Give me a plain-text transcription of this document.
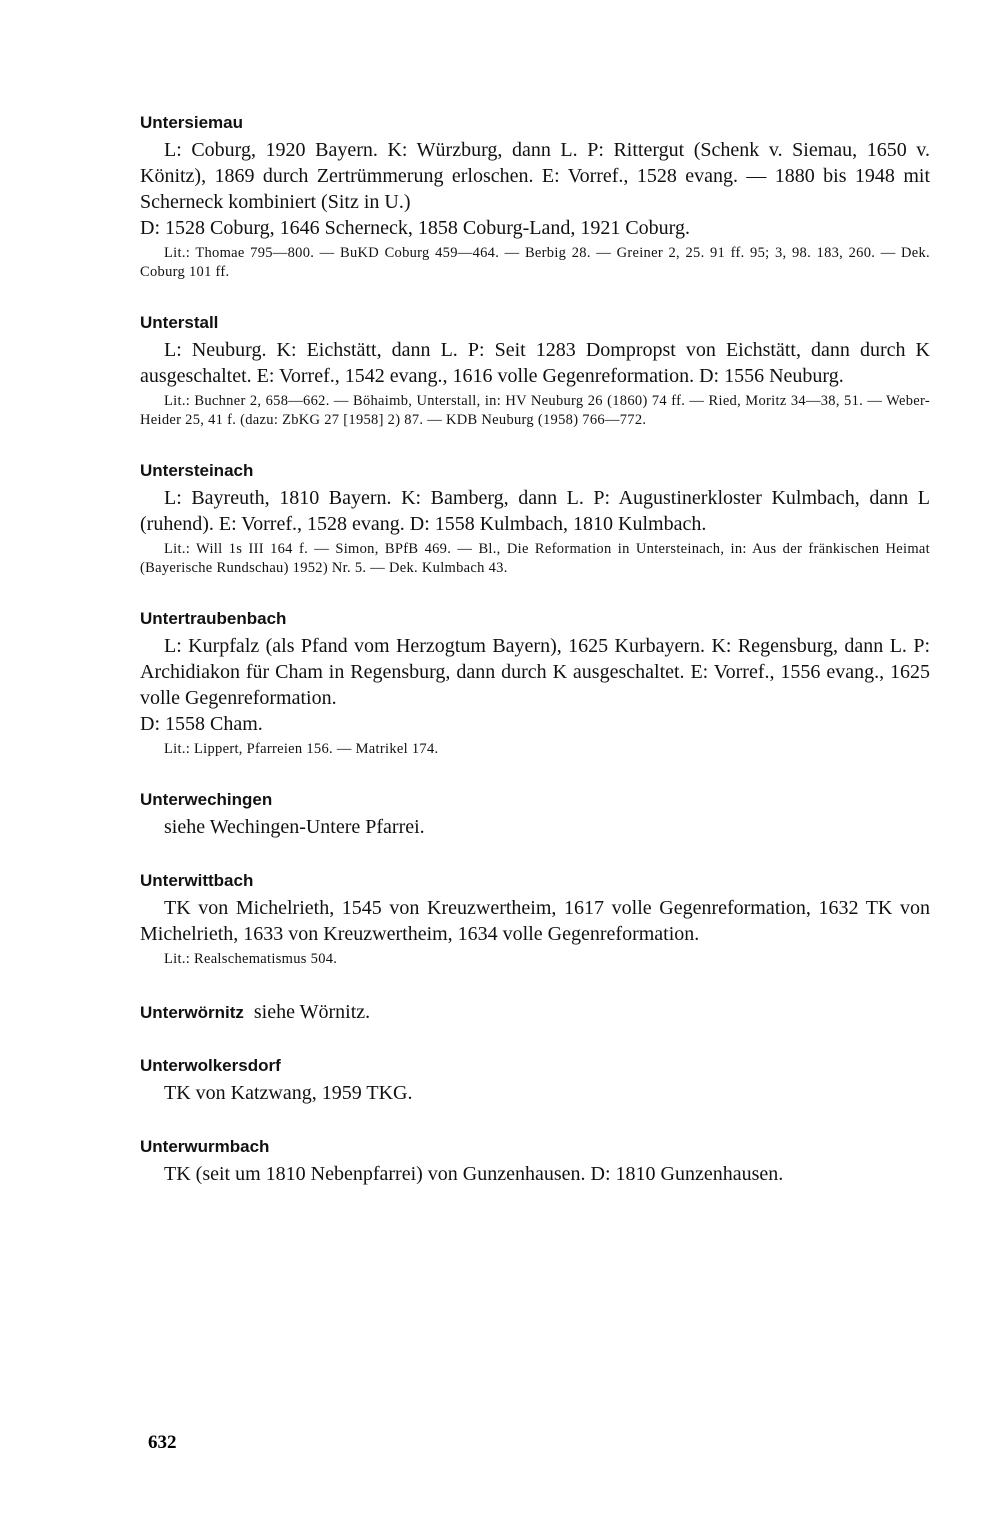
Untersiemau

L: Coburg, 1920 Bayern. K: Würzburg, dann L. P: Rittergut (Schenk v. Siemau, 1650 v. Könitz), 1869 durch Zertrümmerung erloschen. E: Vorref., 1528 evang. — 1880 bis 1948 mit Scherneck kombiniert (Sitz in U.)

D: 1528 Coburg, 1646 Scherneck, 1858 Coburg-Land, 1921 Coburg.

Lit.: Thomae 795—800. — BuKD Coburg 459—464. — Berbig 28. — Greiner 2, 25. 91 ff. 95; 3, 98. 183, 260. — Dek. Coburg 101 ff.

Unterstall

L: Neuburg. K: Eichstätt, dann L. P: Seit 1283 Dompropst von Eichstätt, dann durch K ausgeschaltet. E: Vorref., 1542 evang., 1616 volle Gegenreformation. D: 1556 Neuburg.

Lit.: Buchner 2, 658—662. — Böhaimb, Unterstall, in: HV Neuburg 26 (1860) 74 ff. — Ried, Moritz 34—38, 51. — Weber-Heider 25, 41 f. (dazu: ZbKG 27 [1958] 2) 87. — KDB Neuburg (1958) 766—772.

Untersteinach

L: Bayreuth, 1810 Bayern. K: Bamberg, dann L. P: Augustinerkloster Kulmbach, dann L (ruhend). E: Vorref., 1528 evang. D: 1558 Kulmbach, 1810 Kulmbach.

Lit.: Will 1s III 164 f. — Simon, BPfB 469. — Bl., Die Reformation in Untersteinach, in: Aus der fränkischen Heimat (Bayerische Rundschau) 1952) Nr. 5. — Dek. Kulmbach 43.

Untertraubenbach

L: Kurpfalz (als Pfand vom Herzogtum Bayern), 1625 Kurbayern. K: Regensburg, dann L. P: Archidiakon für Cham in Regensburg, dann durch K ausgeschaltet. E: Vorref., 1556 evang., 1625 volle Gegenreformation.

D: 1558 Cham.

Lit.: Lippert, Pfarreien 156. — Matrikel 174.

Unterwechingen

siehe Wechingen-Untere Pfarrei.

Unterwittbach

TK von Michelrieth, 1545 von Kreuzwertheim, 1617 volle Gegenreformation, 1632 TK von Michelrieth, 1633 von Kreuzwertheim, 1634 volle Gegenreformation.

Lit.: Realschematismus 504.

Unterwörnitz siehe Wörnitz.
Unterwolkersdorf

TK von Katzwang, 1959 TKG.

Unterwurmbach

TK (seit um 1810 Nebenpfarrei) von Gunzenhausen. D: 1810 Gunzenhausen.

632
